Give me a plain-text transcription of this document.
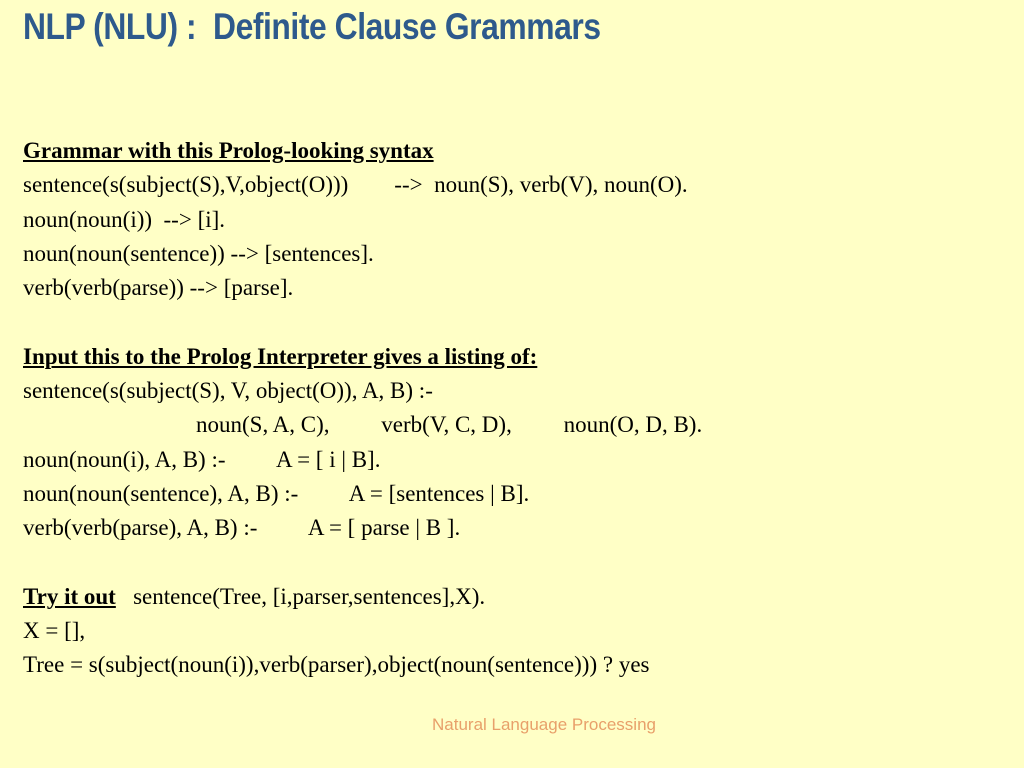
NLP (NLU) :  Definite Clause Grammars
Grammar with this Prolog-looking syntax
sentence(s(subject(S),V,object(O)))        -->  noun(S), verb(V), noun(O).
noun(noun(i))  --> [i].
noun(noun(sentence)) --> [sentences].
verb(verb(parse)) --> [parse].
Input this to the Prolog Interpreter gives a listing of:
sentence(s(subject(S), V, object(O)), A, B) :-
noun(S, A, C),         verb(V, C, D),         noun(O, D, B).
noun(noun(i), A, B) :-         A = [ i | B].
noun(noun(sentence), A, B) :-         A = [sentences | B].
verb(verb(parse), A, B) :-         A = [ parse | B ].
Try it out   sentence(Tree, [i,parser,sentences],X).
X = [],
Tree = s(subject(noun(i)),verb(parser),object(noun(sentence))) ? yes
Natural Language Processing
